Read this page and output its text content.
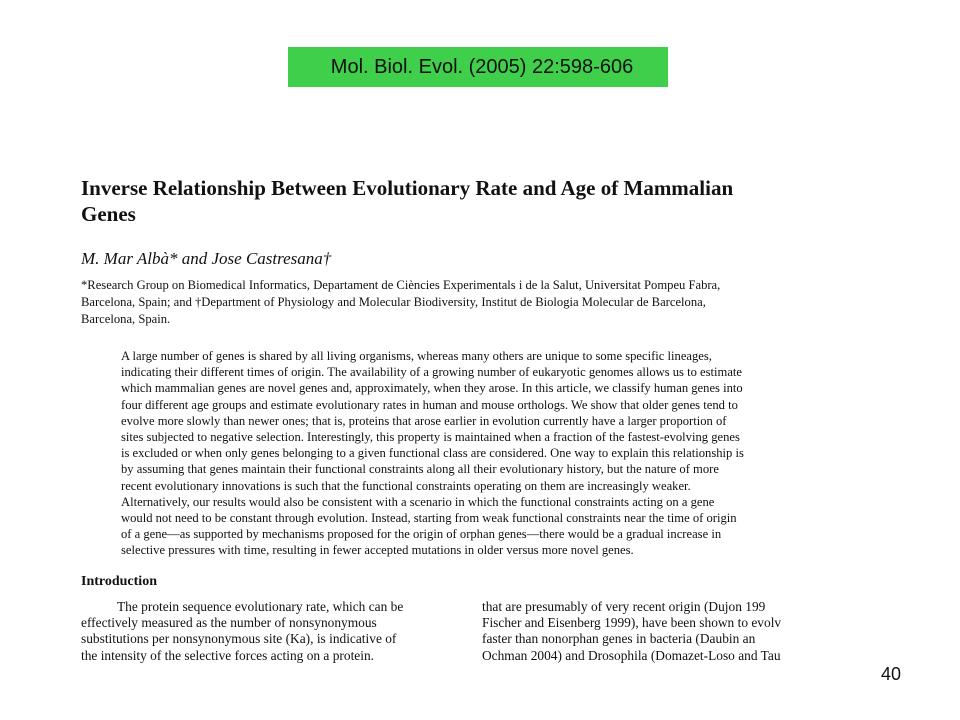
Mol. Biol. Evol. (2005) 22:598-606
Inverse Relationship Between Evolutionary Rate and Age of Mammalian
Genes
M. Mar Albà* and Jose Castresana†
*Research Group on Biomedical Informatics, Departament de Ciències Experimentals i de la Salut, Universitat Pompeu Fabra,
Barcelona, Spain; and †Department of Physiology and Molecular Biodiversity, Institut de Biologia Molecular de Barcelona,
Barcelona, Spain.
A large number of genes is shared by all living organisms, whereas many others are unique to some specific lineages,
indicating their different times of origin. The availability of a growing number of eukaryotic genomes allows us to estimate
which mammalian genes are novel genes and, approximately, when they arose. In this article, we classify human genes into
four different age groups and estimate evolutionary rates in human and mouse orthologs. We show that older genes tend to
evolve more slowly than newer ones; that is, proteins that arose earlier in evolution currently have a larger proportion of
sites subjected to negative selection. Interestingly, this property is maintained when a fraction of the fastest-evolving genes
is excluded or when only genes belonging to a given functional class are considered. One way to explain this relationship is
by assuming that genes maintain their functional constraints along all their evolutionary history, but the nature of more
recent evolutionary innovations is such that the functional constraints operating on them are increasingly weaker.
Alternatively, our results would also be consistent with a scenario in which the functional constraints acting on a gene
would not need to be constant through evolution. Instead, starting from weak functional constraints near the time of origin
of a gene—as supported by mechanisms proposed for the origin of orphan genes—there would be a gradual increase in
selective pressures with time, resulting in fewer accepted mutations in older versus more novel genes.
Introduction
The protein sequence evolutionary rate, which can be
effectively measured as the number of nonsynonymous
substitutions per nonsynonymous site (Ka), is indicative of
the intensity of the selective forces acting on a protein.
that are presumably of very recent origin (Dujon 199
Fischer and Eisenberg 1999), have been shown to evolv
faster than nonorphan genes in bacteria (Daubin an
Ochman 2004) and Drosophila (Domazet-Loso and Tau
40
